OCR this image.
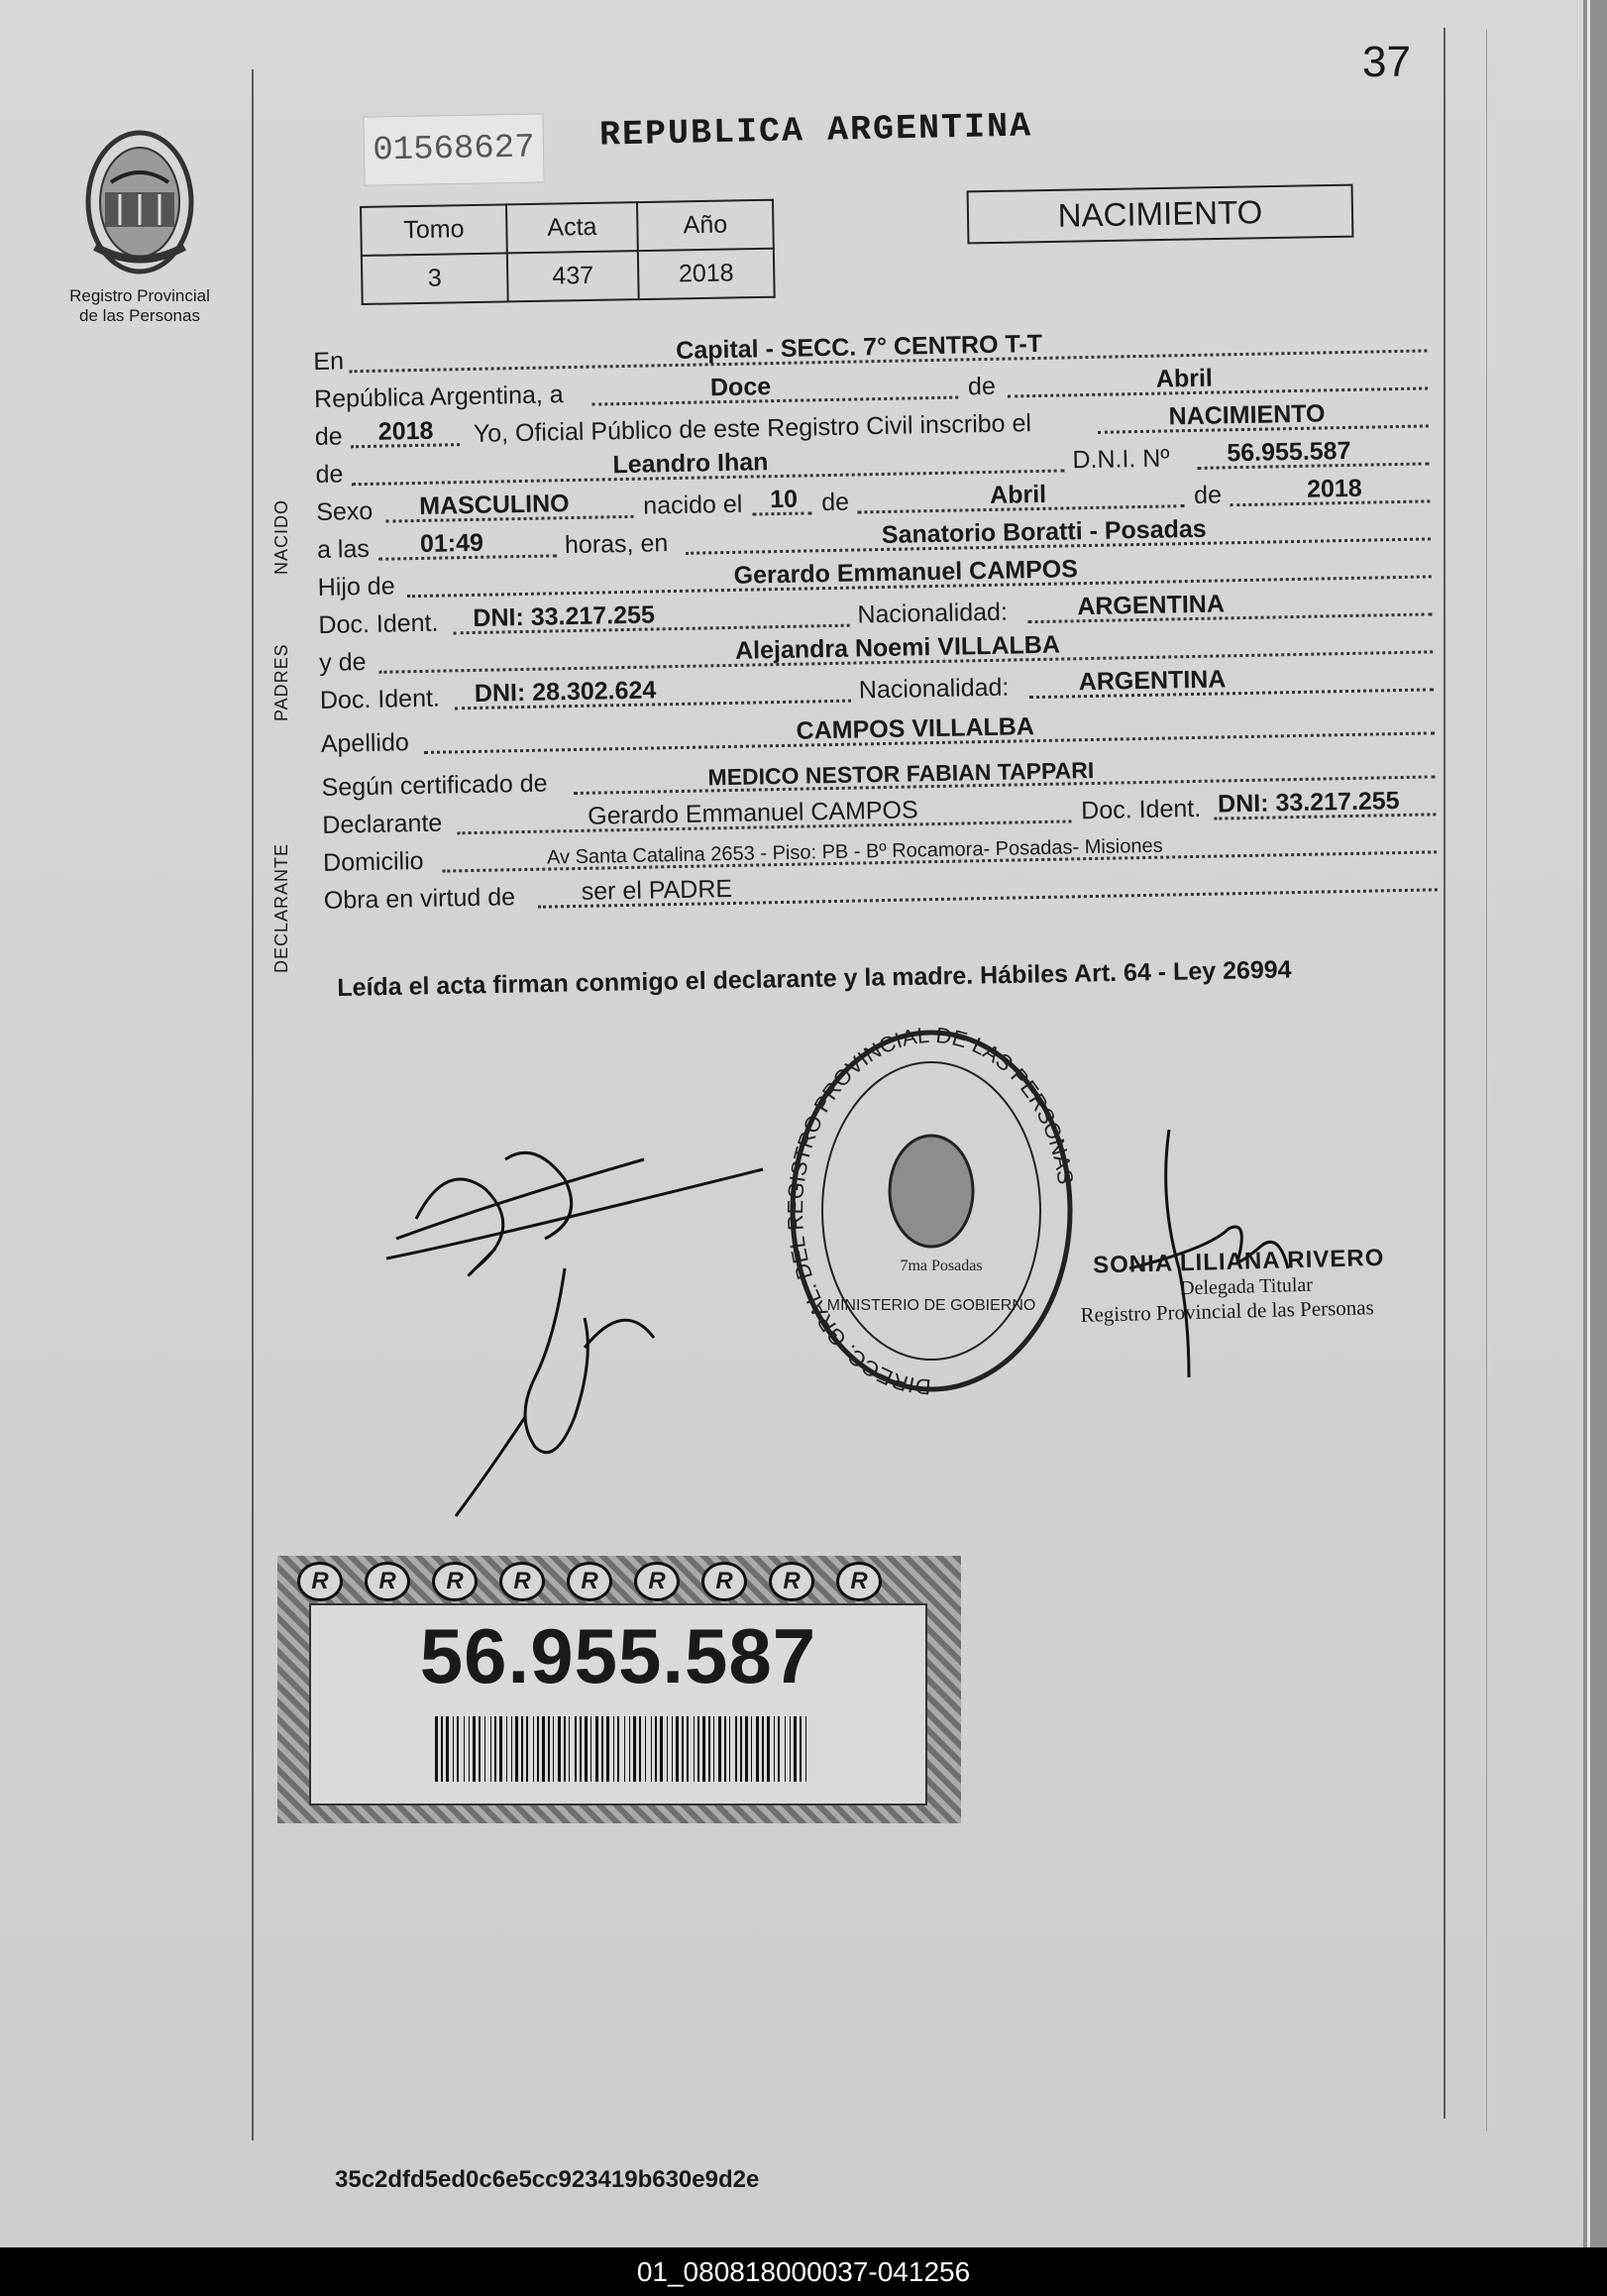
37
Registro Provincial
de las Personas
01568627 REPUBLICA ARGENTINA
Tomo	Acta	Año
3	437	2018
NACIMIENTO
NACIDO
PADRES
DECLARANTE
En	Capital - SECC. 7° CENTRO T-T
República Argentina, a	Doce	de	Abril
de 2018 Yo, Oficial Público de este Registro Civil inscribo el	NACIMIENTO
de	Leandro Ihan	D.N.I. Nº 56.955.587
Sexo MASCULINO	nacido el 10 de	Abril	de	2018
a las 01:49	horas, en	Sanatorio Boratti - Posadas
Hijo de	Gerardo Emmanuel CAMPOS
Doc. Ident. DNI: 33.217.255	Nacionalidad:	ARGENTINA
y de	Alejandra Noemi VILLALBA
Doc. Ident. DNI: 28.302.624	Nacionalidad:	ARGENTINA
Apellido	CAMPOS VILLALBA
Según certificado de	MEDICO NESTOR FABIAN TAPPARI
Declarante	Gerardo Emmanuel CAMPOS	Doc. Ident. DNI: 33.217.255
Domicilio	Av Santa Catalina 2653 - Piso: PB - Bº Rocamora- Posadas- Misiones
Obra en virtud de	ser el PADRE
Leída el acta firman conmigo el declarante y la madre. Hábiles Art. 64 - Ley 26994
DIRECC. GRAL. DEL REGISTRO PROVINCIAL DE LAS PERSONAS
MINISTERIO DE GOBIERNO
7ma Posadas	SONIA LILIANA RIVERO
Delegada Titular
Registro Provincial de las Personas
R	R	R	R	R	R	R	R	R
56.955.587
35c2dfd5ed0c6e5cc923419b630e9d2e
01_080818000037-041256
